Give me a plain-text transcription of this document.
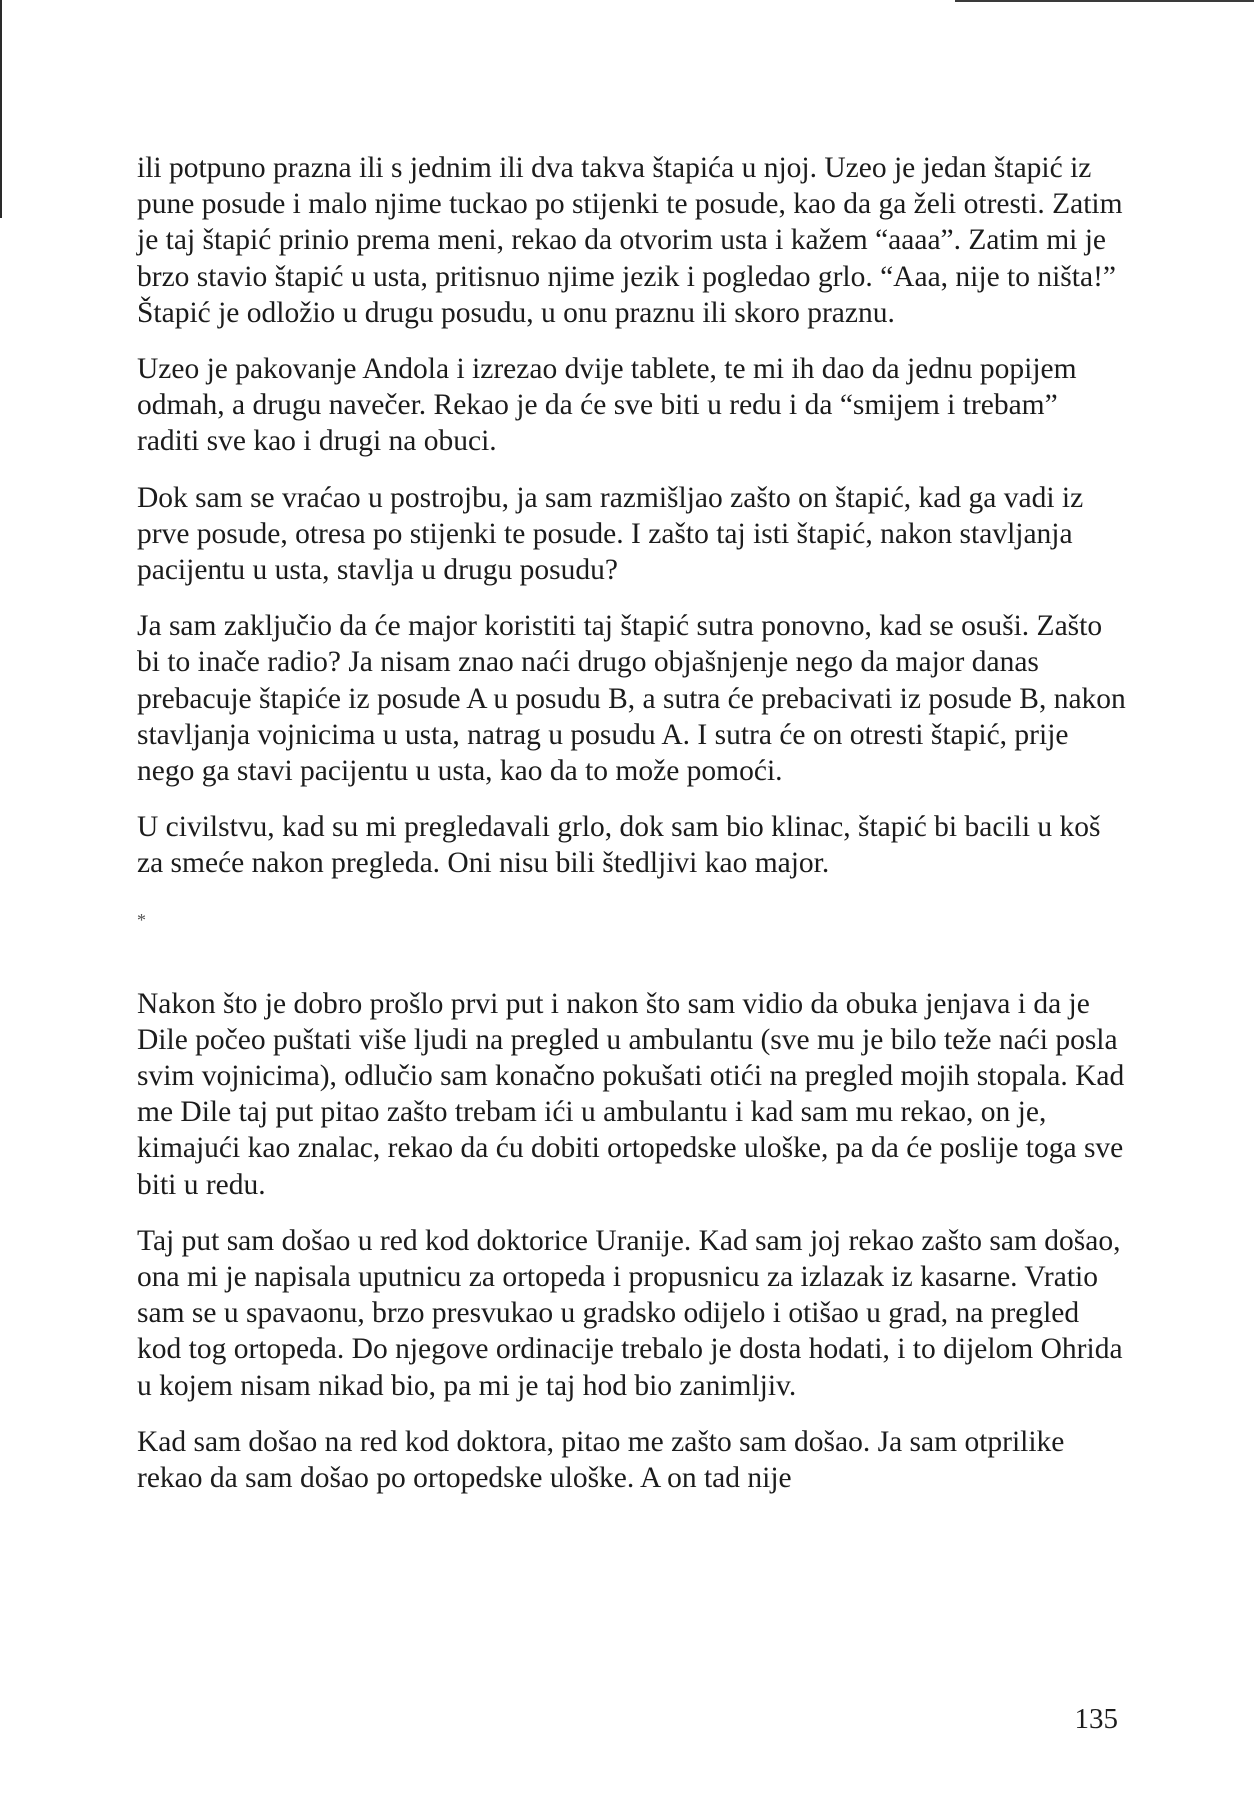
ili potpuno prazna ili s jednim ili dva takva štapića u njoj. Uzeo je jedan štapić iz pune posude i malo njime tuckao po stijenki te posude, kao da ga želi otresti. Zatim je taj štapić prinio prema meni, rekao da otvorim usta i kažem “aaaa”. Zatim mi je brzo stavio štapić u usta, pritisnuo njime jezik i pogledao grlo. “Aaa, nije to ništa!” Štapić je odložio u drugu posudu, u onu praznu ili skoro praznu.

Uzeo je pakovanje Andola i izrezao dvije tablete, te mi ih dao da jednu popijem odmah, a drugu navečer. Rekao je da će sve biti u redu i da “smijem i trebam” raditi sve kao i drugi na obuci.

Dok sam se vraćao u postrojbu, ja sam razmišljao zašto on štapić, kad ga vadi iz prve posude, otresa po stijenki te posude. I zašto taj isti štapić, nakon stavljanja pacijentu u usta, stavlja u drugu posudu?

Ja sam zaključio da će major koristiti taj štapić sutra ponovno, kad se osuši. Zašto bi to inače radio? Ja nisam znao naći drugo objašnjenje nego da major danas prebacuje štapiće iz posude A u posudu B, a sutra će prebacivati iz posude B, nakon stavljanja vojnicima u usta, natrag u posudu A. I sutra će on otresti štapić, prije nego ga stavi pacijentu u usta, kao da to može pomoći.

U civilstvu, kad su mi pregledavali grlo, dok sam bio klinac, štapić bi bacili u koš za smeće nakon pregleda. Oni nisu bili štedljivi kao major.

*

Nakon što je dobro prošlo prvi put i nakon što sam vidio da obuka jenjava i da je Dile počeo puštati više ljudi na pregled u ambulantu (sve mu je bilo teže naći posla svim vojnicima), odlučio sam konačno pokušati otići na pregled mojih stopala. Kad me Dile taj put pitao zašto trebam ići u ambulantu i kad sam mu rekao, on je, kimajući kao znalac, rekao da ću dobiti ortopedske uloške, pa da će poslije toga sve biti u redu.

Taj put sam došao u red kod doktorice Uranije. Kad sam joj rekao zašto sam došao, ona mi je napisala uputnicu za ortopeda i propusnicu za izlazak iz kasarne. Vratio sam se u spavaonu, brzo presvukao u gradsko odijelo i otišao u grad, na pregled kod tog ortopeda. Do njegove ordinacije trebalo je dosta hodati, i to dijelom Ohrida u kojem nisam nikad bio, pa mi je taj hod bio zanimljiv.

Kad sam došao na red kod doktora, pitao me zašto sam došao. Ja sam otprilike rekao da sam došao po ortopedske uloške. A on tad nije

135
